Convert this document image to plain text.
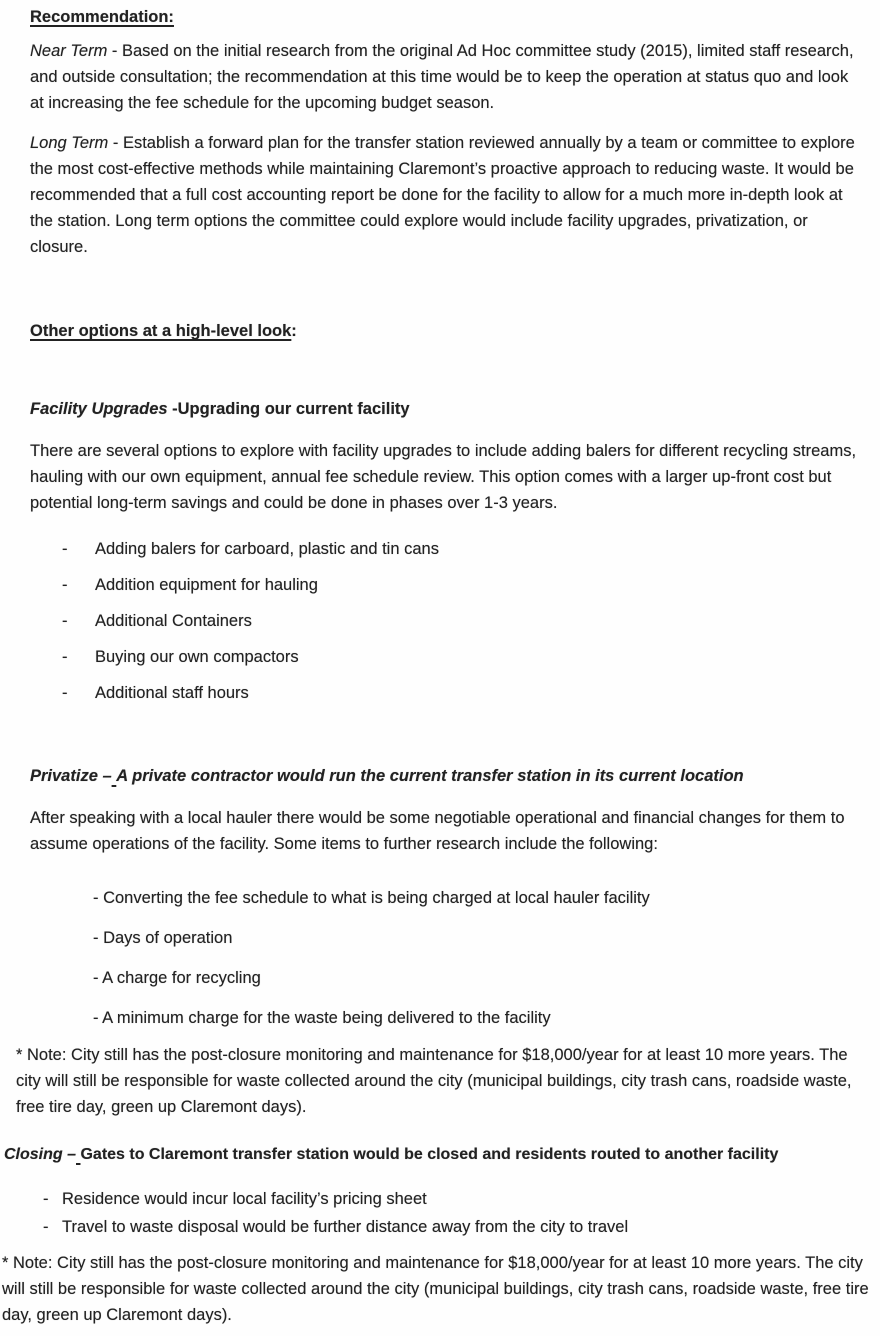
Recommendation:

Near Term - Based on the initial research from the original Ad Hoc committee study (2015), limited staff research, and outside consultation; the recommendation at this time would be to keep the operation at status quo and look at increasing the fee schedule for the upcoming budget season.

Long Term - Establish a forward plan for the transfer station reviewed annually by a team or committee to explore the most cost-effective methods while maintaining Claremont’s proactive approach to reducing waste. It would be recommended that a full cost accounting report be done for the facility to allow for a much more in-depth look at the station. Long term options the committee could explore would include facility upgrades, privatization, or closure.

Other options at a high-level look:
Facility Upgrades -Upgrading our current facility

There are several options to explore with facility upgrades to include adding balers for different recycling streams, hauling with our own equipment, annual fee schedule review. This option comes with a larger up-front cost but potential long-term savings and could be done in phases over 1-3 years.

-	Adding balers for carboard, plastic and tin cans
-	Addition equipment for hauling
-	Additional Containers
-	Buying our own compactors
-	Additional staff hours
Privatize – A private contractor would run the current transfer station in its current location

After speaking with a local hauler there would be some negotiable operational and financial changes for them to assume operations of the facility. Some items to further research include the following:

- Converting the fee schedule to what is being charged at local hauler facility
- Days of operation
- A charge for recycling
- A minimum charge for the waste being delivered to the facility

* Note: City still has the post-closure monitoring and maintenance for $18,000/year for at least 10 more years. The city will still be responsible for waste collected around the city (municipal buildings, city trash cans, roadside waste, free tire day, green up Claremont days).

Closing – Gates to Claremont transfer station would be closed and residents routed to another facility
- Residence would incur local facility’s pricing sheet
- Travel to waste disposal would be further distance away from the city to travel

* Note: City still has the post-closure monitoring and maintenance for $18,000/year for at least 10 more years. The city will still be responsible for waste collected around the city (municipal buildings, city trash cans, roadside waste, free tire day, green up Claremont days).
